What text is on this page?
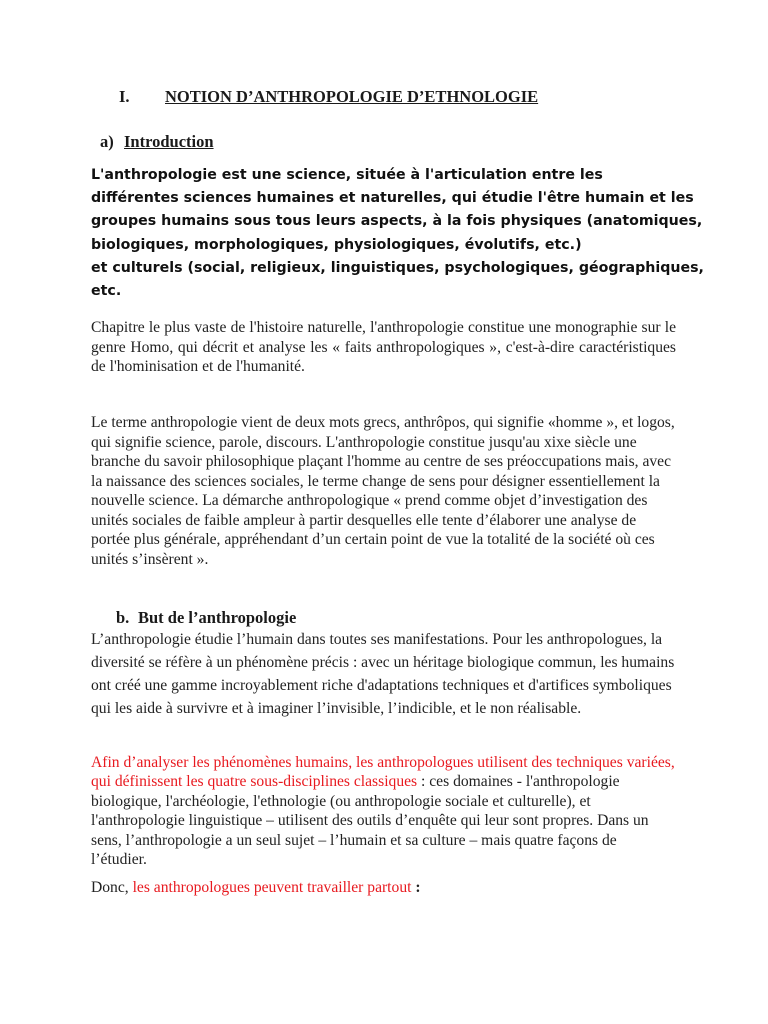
I. NOTION D’ANTHROPOLOGIE D’ETHNOLOGIE
a) Introduction

L'anthropologie est une science, située à l'articulation entre les
différentes sciences humaines et naturelles, qui étudie l'être humain et les
groupes humains sous tous leurs aspects, à la fois physiques (anatomiques,
biologiques, morphologiques, physiologiques, évolutifs, etc.)
et culturels (social, religieux, linguistiques, psychologiques, géographiques,
etc.

Chapitre le plus vaste de l'histoire naturelle, l'anthropologie constitue une monographie sur le genre Homo, qui décrit et analyse les « faits anthropologiques », c'est-à-dire caractéristiques de l'hominisation et de l'humanité.

Le terme anthropologie vient de deux mots grecs, anthrôpos, qui signifie «homme », et logos, qui signifie science, parole, discours. L'anthropologie constitue jusqu'au xixe siècle une branche du savoir philosophique plaçant l'homme au centre de ses préoccupations mais, avec la naissance des sciences sociales, le terme change de sens pour désigner essentiellement la nouvelle science. La démarche anthropologique « prend comme objet d’investigation des unités sociales de faible ampleur à partir desquelles elle tente d’élaborer une analyse de portée plus générale, appréhendant d’un certain point de vue la totalité de la société où ces unités s’insèrent ».

b. But de l’anthropologie

L’anthropologie étudie l’humain dans toutes ses manifestations. Pour les anthropologues, la diversité se réfère à un phénomène précis : avec un héritage biologique commun, les humains ont créé une gamme incroyablement riche d'adaptations techniques et d'artifices symboliques qui les aide à survivre et à imaginer l’invisible, l’indicible, et le non réalisable.

Afin d’analyser les phénomènes humains, les anthropologues utilisent des techniques variées, qui définissent les quatre sous-disciplines classiques : ces domaines - l'anthropologie biologique, l'archéologie, l'ethnologie (ou anthropologie sociale et culturelle), et l'anthropologie linguistique – utilisent des outils d’enquête qui leur sont propres. Dans un sens, l’anthropologie a un seul sujet – l’humain et sa culture – mais quatre façons de l’étudier.

Donc, les anthropologues peuvent travailler partout :
